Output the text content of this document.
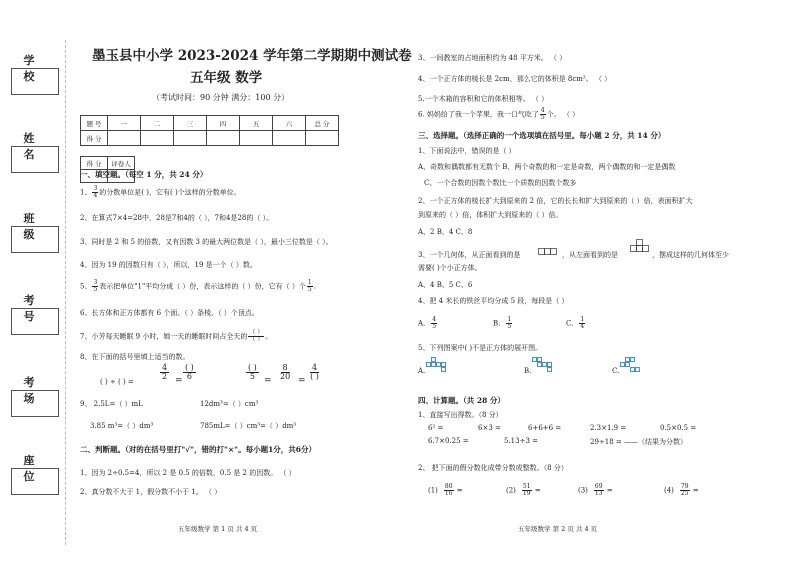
学 校
姓 名
班 级
考 号
考 场
座 位
墨玉县中小学 2023-2024 学年第二学期期中测试卷
五年级 数学
（考试时间：90 分钟 满分：100 分）
题 号	一	二	三	四	五	六	总 分
得 分							
得 分	评卷人

一、填空题。（每空 1 分，共 24 分）
1、 $\frac{3}{4}$ 的分数单位是( )，它有( )个这样的分数单位。
2、在算式7×4=28中，28是7和4的（ ），7和4是28的（ ）。
3、同时是 2 和 5 的倍数，又有因数 3 的最大两位数是（ ），最小三位数是（ ）。
4、因为 19 的因数只有（ ），所以，19 是一个（ ）数。
5、 $\frac{3}{5}$ 表示把单位"1"平均分成（ ）份，表示这样的（ ）份，它有（ ）个 $\frac{1}{5}$ .
6、长方体和正方体都有 6 个面、（ ）条棱、（ ）个顶点。
7、小芳每天睡眠 9 小时，她一天的睡眠时间占全天的 $\frac{( )}{( )}$ 。
8、在下面的括号里填上适当的数。
( ) ÷ ( ) =
4
2 =
( )
6
( )
5 =
8
20 =
4
( )
9、 2.5L=（ ）mL	12dm³=（ ）cm³
3.85 m³=（ ）dm³	785mL=（ ）cm³=（ ）dm³
二、判断题。（对的在括号里打"√"，错的打"×"。每小题1分，共6分）
1、因为 2÷0.5=4，所以 2 是 0.5 的倍数，0.5 是 2 的因数。 （ ）
2、真分数不大于 1，假分数不小于 1。 （ ）
五年级数学 第 1 页 共 4 页
3、一间教室的占地面积约为 48 平方米。 （ ）
4、一个正方体的棱长是 2cm，那么它的体积是 8cm²。 （ ）
5.一个木箱的容积和它的体积相等。 （ ）
6. 妈妈给了我一个苹果，我一口气吃了 $\frac{4}{5}$ 个。 （ ）
三、选择题。（选择正确的一个选项填在括号里。每小题 2 分，共 14 分）
1、下面说法中，错误的是（ ）
A、奇数和偶数都有无数个 B、两个奇数的和一定是奇数，两个偶数的和一定是偶数
C、一个合数的因数个数比一个质数的因数个数多
2、一个正方体的棱长扩大到原来的 2 倍，它的长长和扩大到原来的（ ）倍，表面积扩大
到原来的（ ）倍，体积扩大到原来的（ ）倍。
A、2 B、4 C、8
3、一个几何体，从正面看到的是	，从左面看到的是	，摆成这样的几何体至少
需要( )个小正方体。
A、4 B、5 C、6
4、把 4 米长的铁丝平均分成 5 段，每段是（ ）
A. $\frac{4}{5}$	B. $\frac{1}{5}$	C. $\frac{1}{4}$
5、下列图案中( )不是正方体的展开图。
A.	B.	C.
四、计算题。（共 28 分）
1、直接写出得数。（8 分）
6² =	6×3 =	6+6+6 =	2.3×1.9 =	0.5×0.5 =
6.7×0.25 =	5.13÷3 =	29÷18 = ——（结果为分数）
2、 把下面的假分数化成带分数或整数。（8 分）
$(1) \frac{80}{16}$ =	$(2) \frac{51}{19}$ =	$(3) \frac{69}{13}$ =	$(4) \frac{79}{25}$ =
五年级数学 第 2 页 共 4 页
